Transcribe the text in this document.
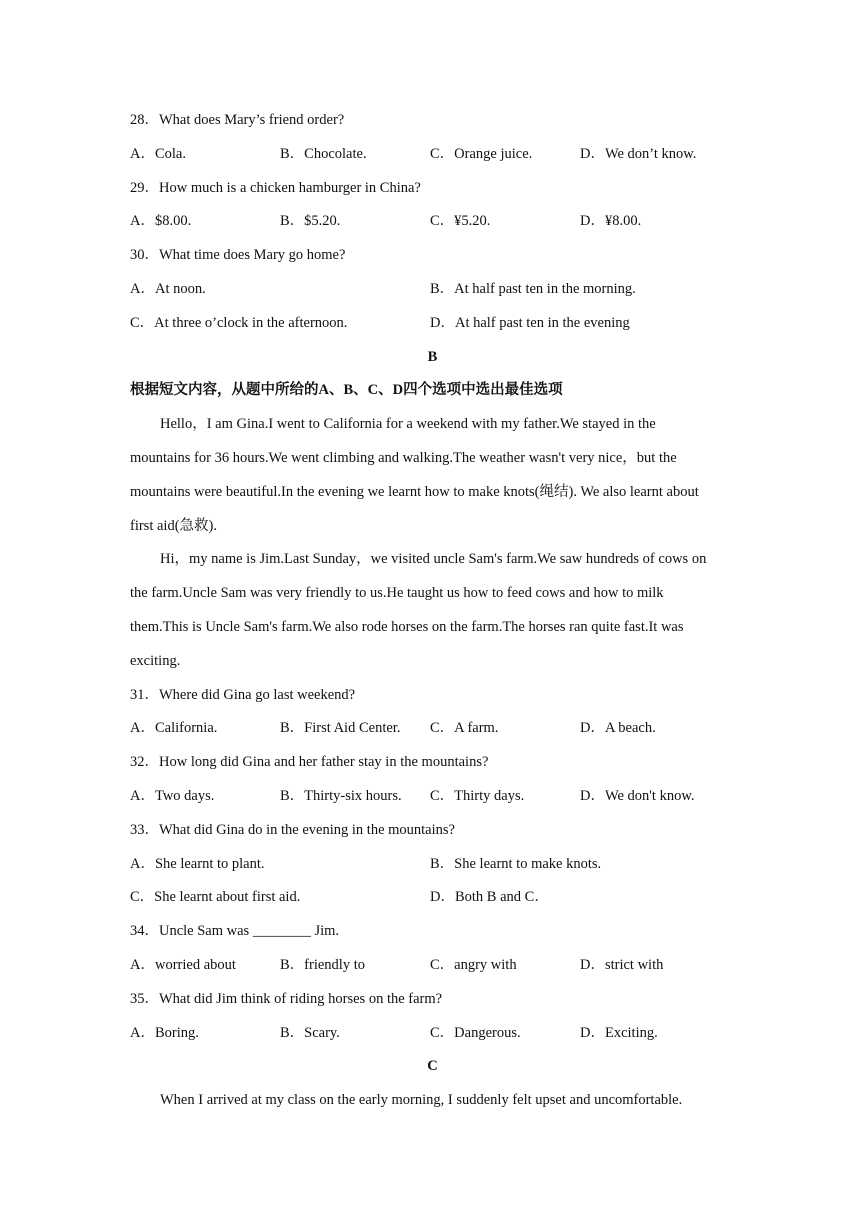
28．What does Mary’s friend order?
A．Cola.	B．Chocolate.	C．Orange juice.	D．We don’t know.
29．How much is a chicken hamburger in China?
A．$8.00.	B．$5.20.	C．¥5.20.	D．¥8.00.
30．What time does Mary go home?
A．At noon.	B．At half past ten in the morning.
C．At three o’clock in the afternoon.	D．At half past ten in the evening
B
根据短文内容，从题中所给的A、B、C、D四个选项中选出最佳选项
Hello，I am Gina.I went to California for a weekend with my father.We stayed in the
mountains for 36 hours.We went climbing and walking.The weather wasn't very nice，but the
mountains were beautiful.In the evening we learnt how to make knots(绳结). We also learnt about
first aid(急救).
Hi，my name is Jim.Last Sunday，we visited uncle Sam's farm.We saw hundreds of cows on
the farm.Uncle Sam was very friendly to us.He taught us how to feed cows and how to milk
them.This is Uncle Sam's farm.We also rode horses on the farm.The horses ran quite fast.It was
exciting.
31．Where did Gina go last weekend?
A．California.	B．First Aid Center. C．A farm.	D．A beach.
32．How long did Gina and her father stay in the mountains?
A．Two days.	B．Thirty-six hours. C．Thirty days.	D．We don't know.
33．What did Gina do in the evening in the mountains?
A．She learnt to plant.	B．She learnt to make knots.
C．She learnt about first aid.	D．Both B and C．
34．Uncle Sam was ________ Jim.
A．worried about	B．friendly to	C．angry with	D．strict with
35．What did Jim think of riding horses on the farm?
A．Boring.	B．Scary.	C．Dangerous.	D．Exciting.
C
When I arrived at my class on the early morning, I suddenly felt upset and uncomfortable.
